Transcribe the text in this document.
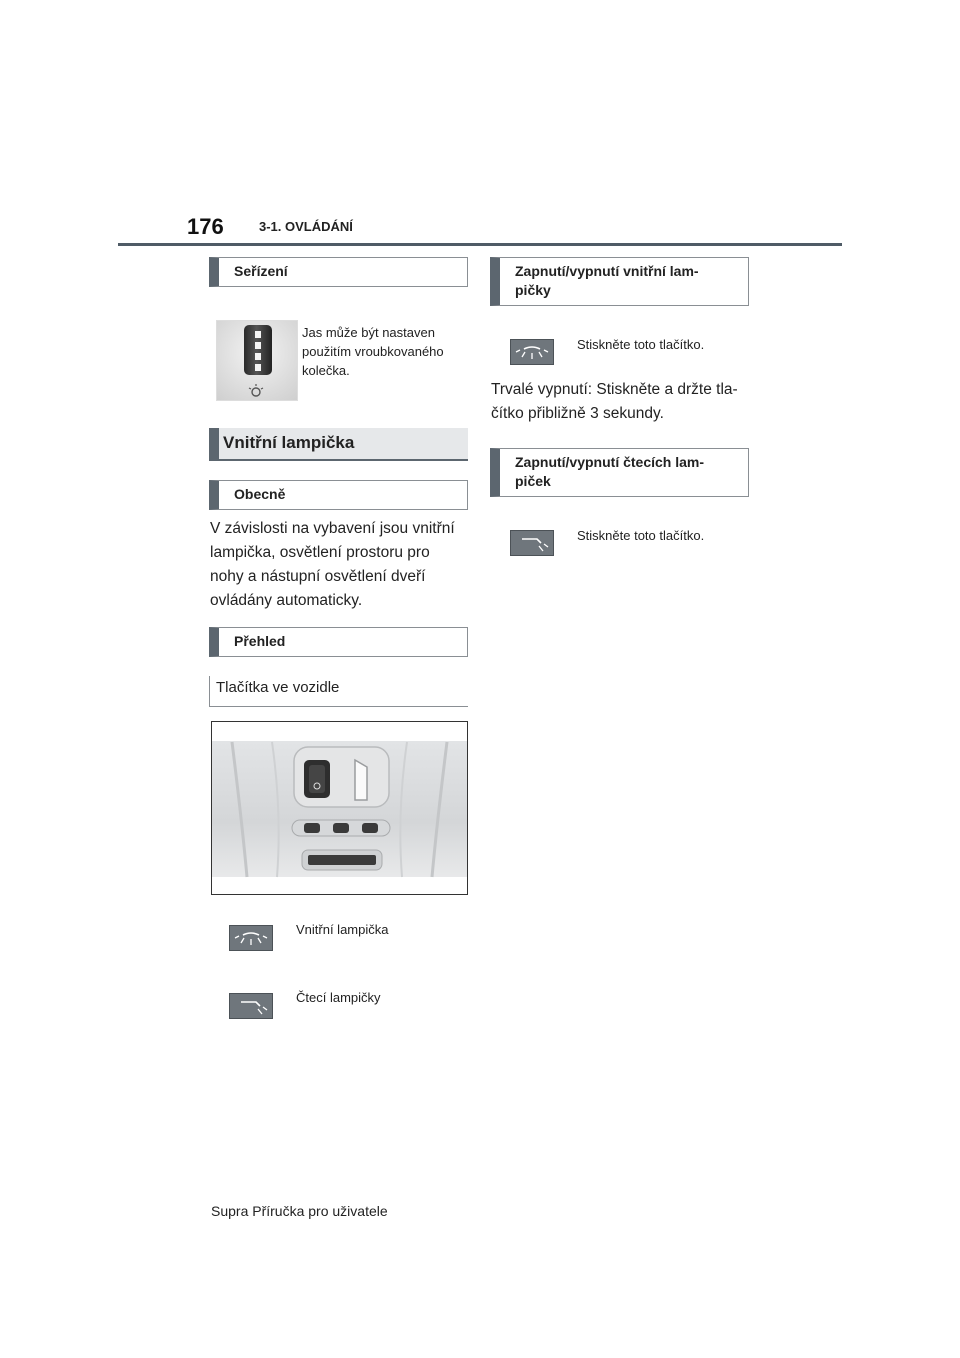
176	3-1. OVLÁDÁNÍ
Seřízení
Jas může být nastaven
použitím vroubkovaného
kolečka.
Vnitřní lampička
Obecně
V závislosti na vybavení jsou vnitřní
lampička, osvětlení prostoru pro
nohy a nástupní osvětlení dveří
ovládány automaticky.
Přehled
Tlačítka ve vozidle
Vnitřní lampička
Čtecí lampičky
Zapnutí/vypnutí vnitřní lam-
pičky
Stiskněte toto tlačítko.
Trvalé vypnutí: Stiskněte a držte tla-
čítko přibližně 3 sekundy.
Zapnutí/vypnutí čtecích lam-
piček
Stiskněte toto tlačítko.
Supra Příručka pro uživatele
